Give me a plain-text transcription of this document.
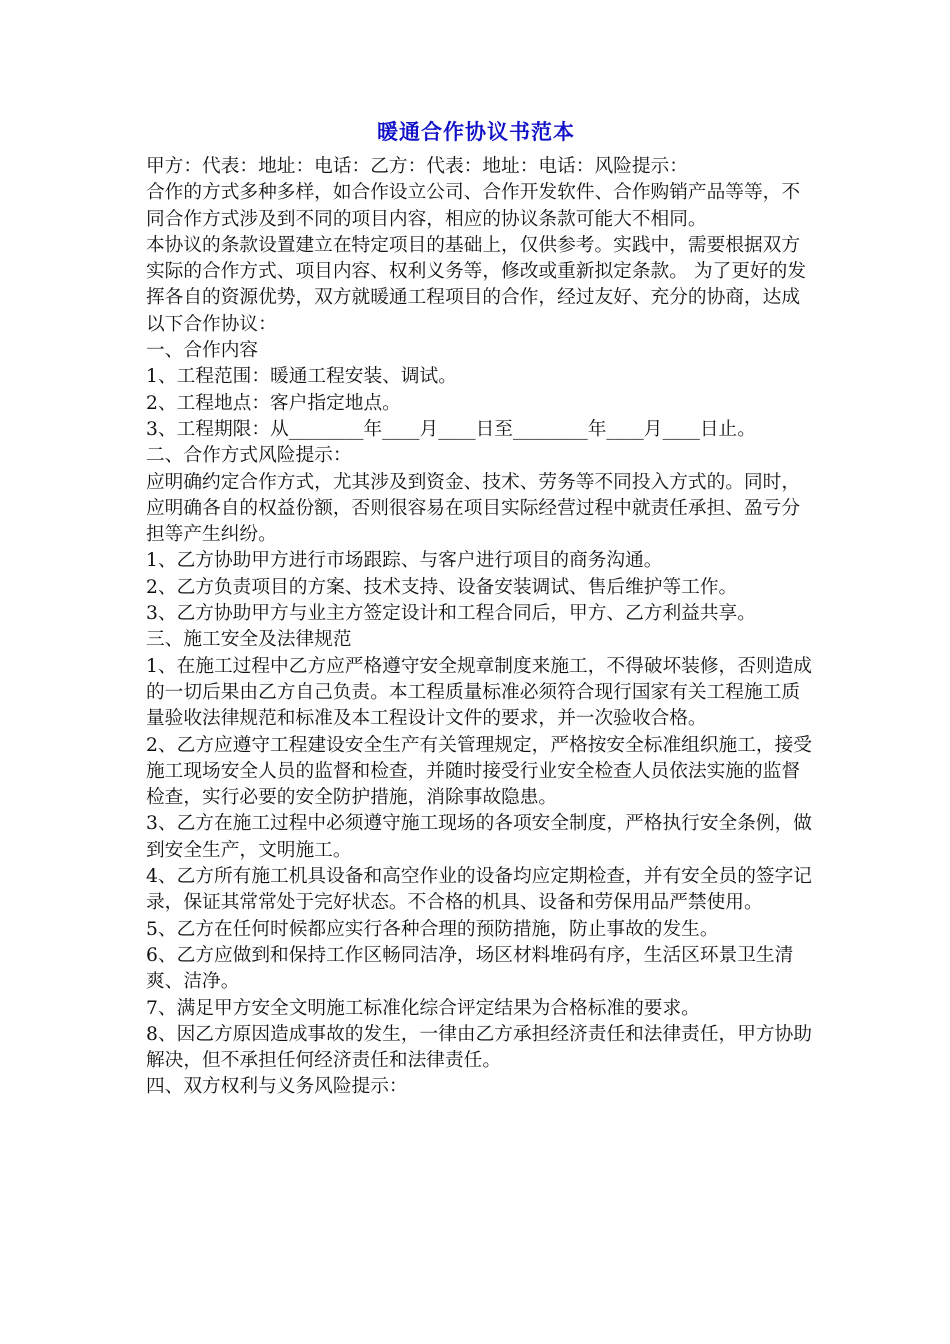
暖通合作协议书范本

甲方：代表：地址：电话：乙方：代表：地址：电话：风险提示：

合作的方式多种多样，如合作设立公司、合作开发软件、合作购销产品等等，不同合作方式涉及到不同的项目内容，相应的协议条款可能大不相同。

本协议的条款设置建立在特定项目的基础上，仅供参考。实践中，需要根据双方实际的合作方式、项目内容、权利义务等，修改或重新拟定条款。 为了更好的发挥各自的资源优势，双方就暖通工程项目的合作，经过友好、充分的协商，达成以下合作协议：

一、合作内容

1、工程范围：暖通工程安装、调试。

2、工程地点：客户指定地点。

3、工程期限：从________年____月____日至________年____月____日止。

二、合作方式风险提示：

应明确约定合作方式，尤其涉及到资金、技术、劳务等不同投入方式的。同时，应明确各自的权益份额，否则很容易在项目实际经营过程中就责任承担、盈亏分担等产生纠纷。

1、乙方协助甲方进行市场跟踪、与客户进行项目的商务沟通。

2、乙方负责项目的方案、技术支持、设备安装调试、售后维护等工作。

3、乙方协助甲方与业主方签定设计和工程合同后，甲方、乙方利益共享。

三、施工安全及法律规范

1、在施工过程中乙方应严格遵守安全规章制度来施工，不得破坏装修，否则造成的一切后果由乙方自己负责。本工程质量标准必须符合现行国家有关工程施工质量验收法律规范和标准及本工程设计文件的要求，并一次验收合格。

2、乙方应遵守工程建设安全生产有关管理规定，严格按安全标准组织施工，接受施工现场安全人员的监督和检查，并随时接受行业安全检查人员依法实施的监督检查，实行必要的安全防护措施，消除事故隐患。

3、乙方在施工过程中必须遵守施工现场的各项安全制度，严格执行安全条例，做到安全生产，文明施工。

4、乙方所有施工机具设备和高空作业的设备均应定期检查，并有安全员的签字记录，保证其常常处于完好状态。不合格的机具、设备和劳保用品严禁使用。

5、乙方在任何时候都应实行各种合理的预防措施，防止事故的发生。

6、乙方应做到和保持工作区畅同洁净，场区材料堆码有序，生活区环景卫生清爽、洁净。

7、满足甲方安全文明施工标准化综合评定结果为合格标准的要求。

8、因乙方原因造成事故的发生，一律由乙方承担经济责任和法律责任，甲方协助解决，但不承担任何经济责任和法律责任。

四、双方权利与义务风险提示：
